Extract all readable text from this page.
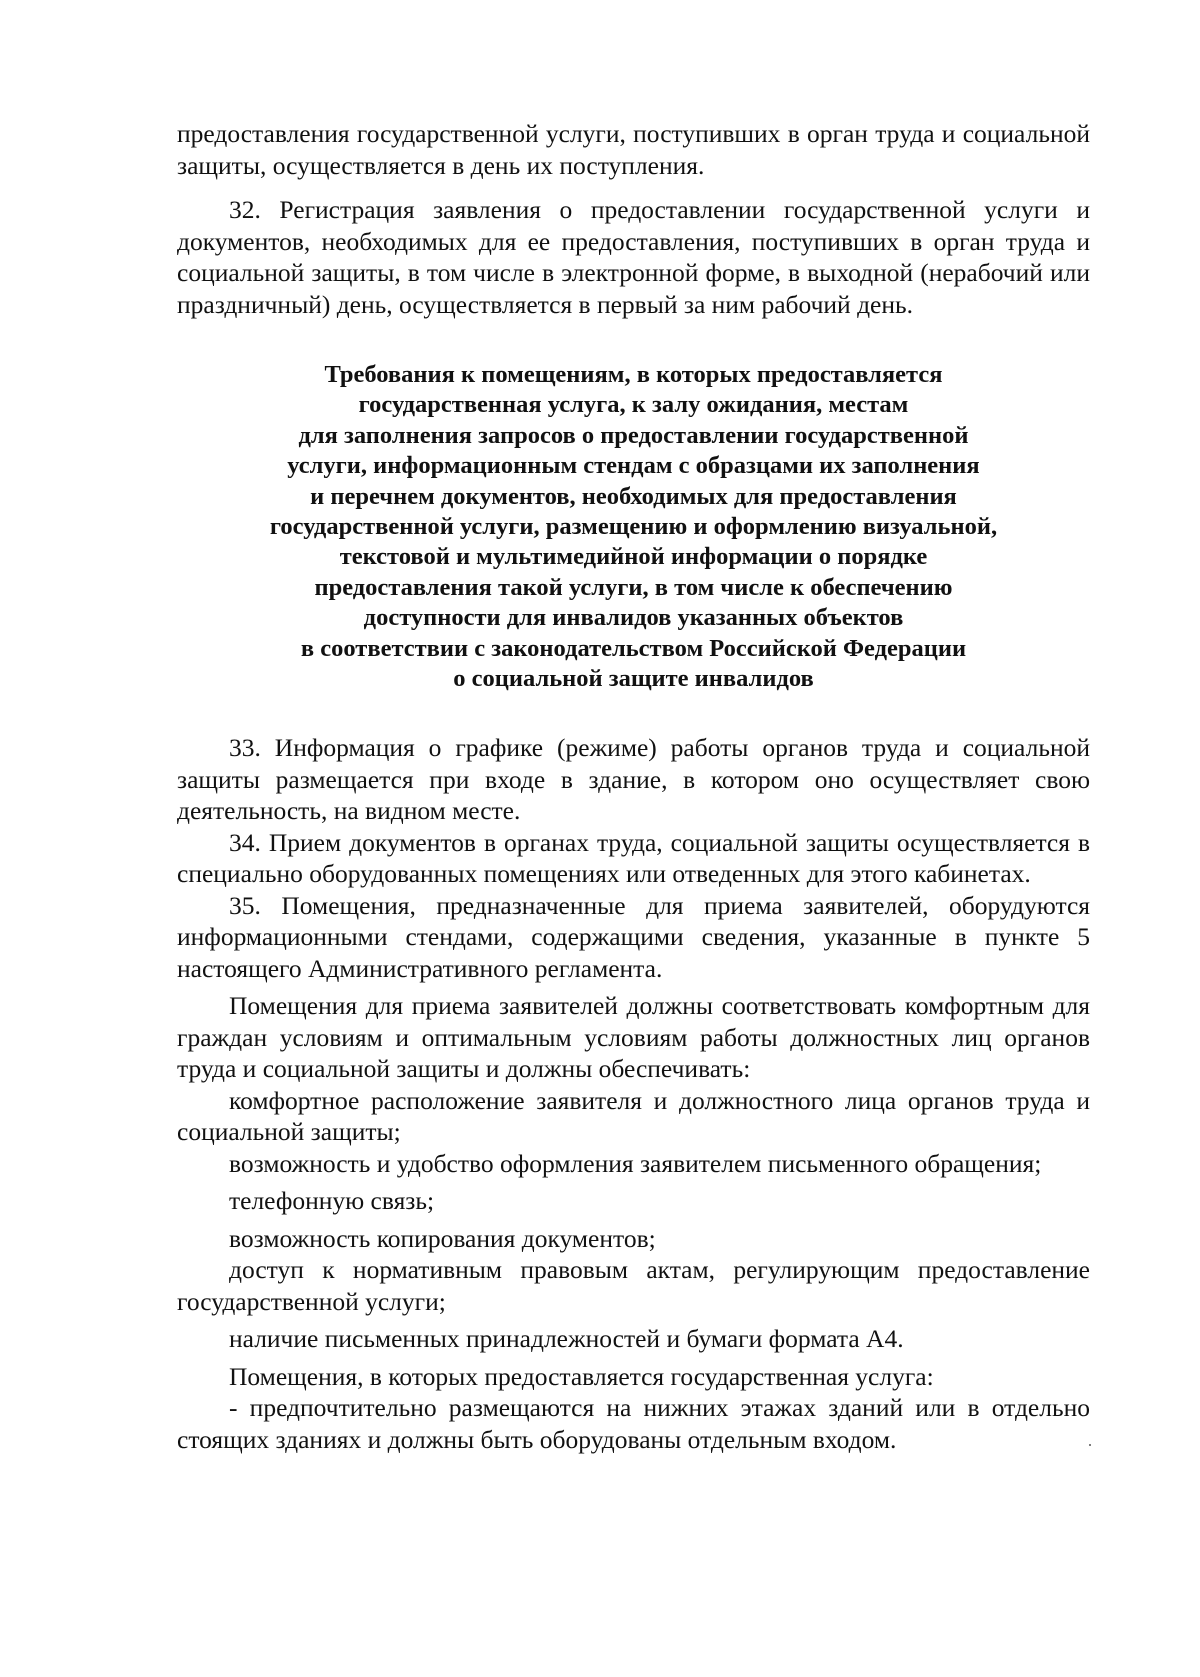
предоставления государственной услуги, поступивших в орган труда и социальной защиты, осуществляется в день их поступления.

32. Регистрация заявления о предоставлении государственной услуги и документов, необходимых для ее предоставления, поступивших в орган труда и социальной защиты, в том числе в электронной форме, в выходной (нерабочий или праздничный) день, осуществляется в первый за ним рабочий день.

Требования к помещениям, в которых предоставляется
государственная услуга, к залу ожидания, местам
для заполнения запросов о предоставлении государственной
услуги, информационным стендам с образцами их заполнения
и перечнем документов, необходимых для предоставления
государственной услуги, размещению и оформлению визуальной,
текстовой и мультимедийной информации о порядке
предоставления такой услуги, в том числе к обеспечению
доступности для инвалидов указанных объектов
в соответствии с законодательством Российской Федерации
о социальной защите инвалидов

33. Информация о графике (режиме) работы органов труда и социальной защиты размещается при входе в здание, в котором оно осуществляет свою деятельность, на видном месте.

34. Прием документов в органах труда, социальной защиты осуществляется в специально оборудованных помещениях или отведенных для этого кабинетах.

35. Помещения, предназначенные для приема заявителей, оборудуются информационными стендами, содержащими сведения, указанные в пункте 5 настоящего Административного регламента.

Помещения для приема заявителей должны соответствовать комфортным для граждан условиям и оптимальным условиям работы должностных лиц органов труда и социальной защиты и должны обеспечивать:

комфортное расположение заявителя и должностного лица органов труда и социальной защиты;

возможность и удобство оформления заявителем письменного обращения;

телефонную связь;

возможность копирования документов;

доступ к нормативным правовым актам, регулирующим предоставление государственной услуги;

наличие письменных принадлежностей и бумаги формата А4.

Помещения, в которых предоставляется государственная услуга:

- предпочтительно размещаются на нижних этажах зданий или в отдельно стоящих зданиях и должны быть оборудованы отдельным входом.
